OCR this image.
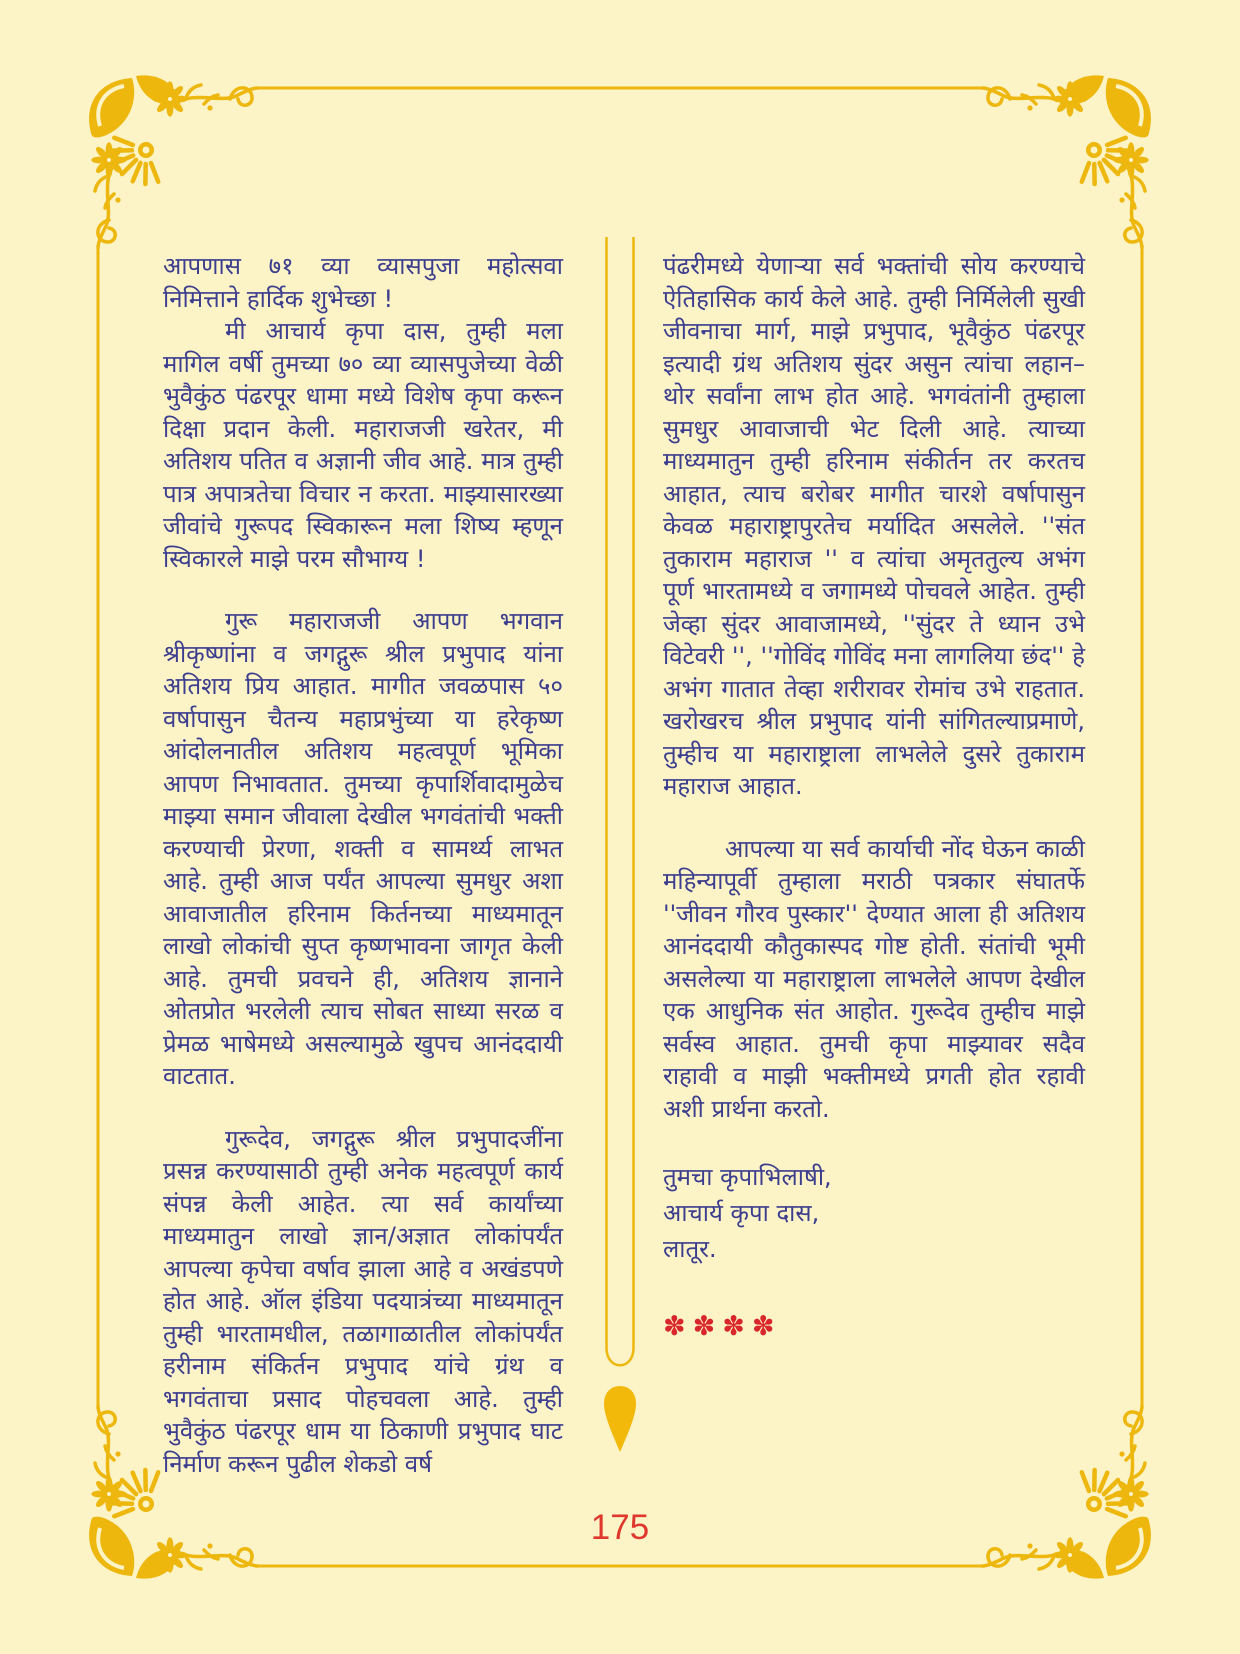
आपणास ७१ व्या व्यासपुजा महोत्सवा निमित्ताने हार्दिक शुभेच्छा !

मी आचार्य कृपा दास, तुम्ही मला मागिल वर्षी तुमच्या ७० व्या व्यासपुजेच्या वेळी भुवैकुंठ पंढरपूर धामा मध्ये विशेष कृपा करून दिक्षा प्रदान केली. महाराजजी खरेतर, मी अतिशय पतित व अज्ञानी जीव आहे. मात्र तुम्ही पात्र अपात्रतेचा विचार न करता. माझ्यासारख्या जीवांचे गुरूपद स्विकारून मला शिष्य म्हणून स्विकारले माझे परम सौभाग्य !

गुरू महाराजजी आपण भगवान श्रीकृष्णांना व जगद्गुरू श्रील प्रभुपाद यांना अतिशय प्रिय आहात. मागीत जवळपास ५० वर्षापासुन चैतन्य महाप्रभुंच्या या हरेकृष्ण आंदोलनातील अतिशय महत्वपूर्ण भूमिका आपण निभावतात. तुमच्या कृपार्शिवादामुळेच माझ्या समान जीवाला देखील भगवंतांची भक्ती करण्याची प्रेरणा, शक्ती व सामर्थ्य लाभत आहे. तुम्ही आज पर्यंत आपल्या सुमधुर अशा आवाजातील हरिनाम किर्तनच्या माध्यमातून लाखो लोकांची सुप्त कृष्णभावना जागृत केली आहे. तुमची प्रवचने ही, अतिशय ज्ञानाने ओतप्रोत भरलेली त्याच सोबत साध्या सरळ व प्रेमळ भाषेमध्ये असल्यामुळे खुपच आनंददायी वाटतात.

गुरूदेव, जगद्गुरू श्रील प्रभुपादजींना प्रसन्न करण्यासाठी तुम्ही अनेक महत्वपूर्ण कार्य संपन्न केली आहेत. त्या सर्व कार्यांच्या माध्यमातुन लाखो ज्ञान/अज्ञात लोकांपर्यंत आपल्या कृपेचा वर्षाव झाला आहे व अखंडपणे होत आहे. ऑल इंडिया पदयात्रंच्या माध्यमातून तुम्ही भारतामधील, तळागाळातील लोकांपर्यंत हरीनाम संकिर्तन प्रभुपाद यांचे ग्रंथ व भगवंताचा प्रसाद पोहचवला आहे. तुम्ही भुवैकुंठ पंढरपूर धाम या ठिकाणी प्रभुपाद घाट निर्माण करून पुढील शेकडो वर्ष

पंढरीमध्ये येणाऱ्या सर्व भक्तांची सोय करण्याचे ऐतिहासिक कार्य केले आहे. तुम्ही निर्मिलेली सुखी जीवनाचा मार्ग, माझे प्रभुपाद, भूवैकुंठ पंढरपूर इत्यादी ग्रंथ अतिशय सुंदर असुन त्यांचा लहान–थोर सर्वांना लाभ होत आहे. भगवंतांनी तुम्हाला सुमधुर आवाजाची भेट दिली आहे. त्याच्या माध्यमातुन तुम्ही हरिनाम संकीर्तन तर करतच आहात, त्याच बरोबर मागीत चारशे वर्षापासुन केवळ महाराष्ट्रापुरतेच मर्यादित असलेले. ''संत तुकाराम महाराज '' व त्यांचा अमृततुल्य अभंग पूर्ण भारतामध्ये व जगामध्ये पोचवले आहेत. तुम्ही जेव्हा सुंदर आवाजामध्ये, ''सुंदर ते ध्यान उभे विटेवरी '', ''गोविंद गोविंद मना लागलिया छंद'' हे अभंग गातात तेव्हा शरीरावर रोमांच उभे राहतात. खरोखरच श्रील प्रभुपाद यांनी सांगितल्याप्रमाणे, तुम्हीच या महाराष्ट्राला लाभलेले दुसरे तुकाराम महाराज आहात.

आपल्या या सर्व कार्याची नोंद घेऊन काळी महिन्यापूर्वी तुम्हाला मराठी पत्रकार संघातर्फे ''जीवन गौरव पुस्कार'' देण्यात आला ही अतिशय आनंददायी कौतुकास्पद गोष्ट होती. संतांची भूमी असलेल्या या महाराष्ट्राला लाभलेले आपण देखील एक आधुनिक संत आहोत. गुरूदेव तुम्हीच माझे सर्वस्व आहात. तुमची कृपा माझ्यावर सदैव राहावी व माझी भक्तीमध्ये प्रगती होत रहावी अशी प्रार्थना करतो.

तुमचा कृपाभिलाषी,

आचार्य कृपा दास,

लातूर.

✽✽✽✽
175
